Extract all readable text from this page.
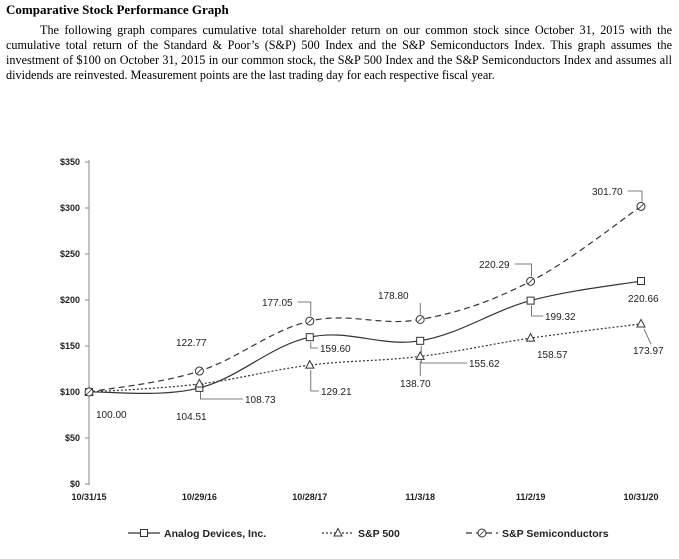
Comparative Stock Performance Graph

The following graph compares cumulative total shareholder return on our common stock since October 31, 2015 with the cumulative total return of the Standard & Poor’s (S&P) 500 Index and the S&P Semiconductors Index. This graph assumes the investment of $100 on October 31, 2015 in our common stock, the S&P 500 Index and the S&P Semiconductors Index and assumes all dividends are reinvested. Measurement points are the last trading day for each respective fiscal year.

$0
$50
$100
$150
$200
$250
$300
$350
10/31/15	10/29/16	10/28/17	11/3/18	11/2/19	10/31/20
100.00	104.51
159.60
155.62
199.32
220.66
108.73
129.21
138.70
158.57	173.97
122.77
177.05
178.80
220.29
301.70
Analog Devices, Inc.	S&P 500	S&P Semiconductors
